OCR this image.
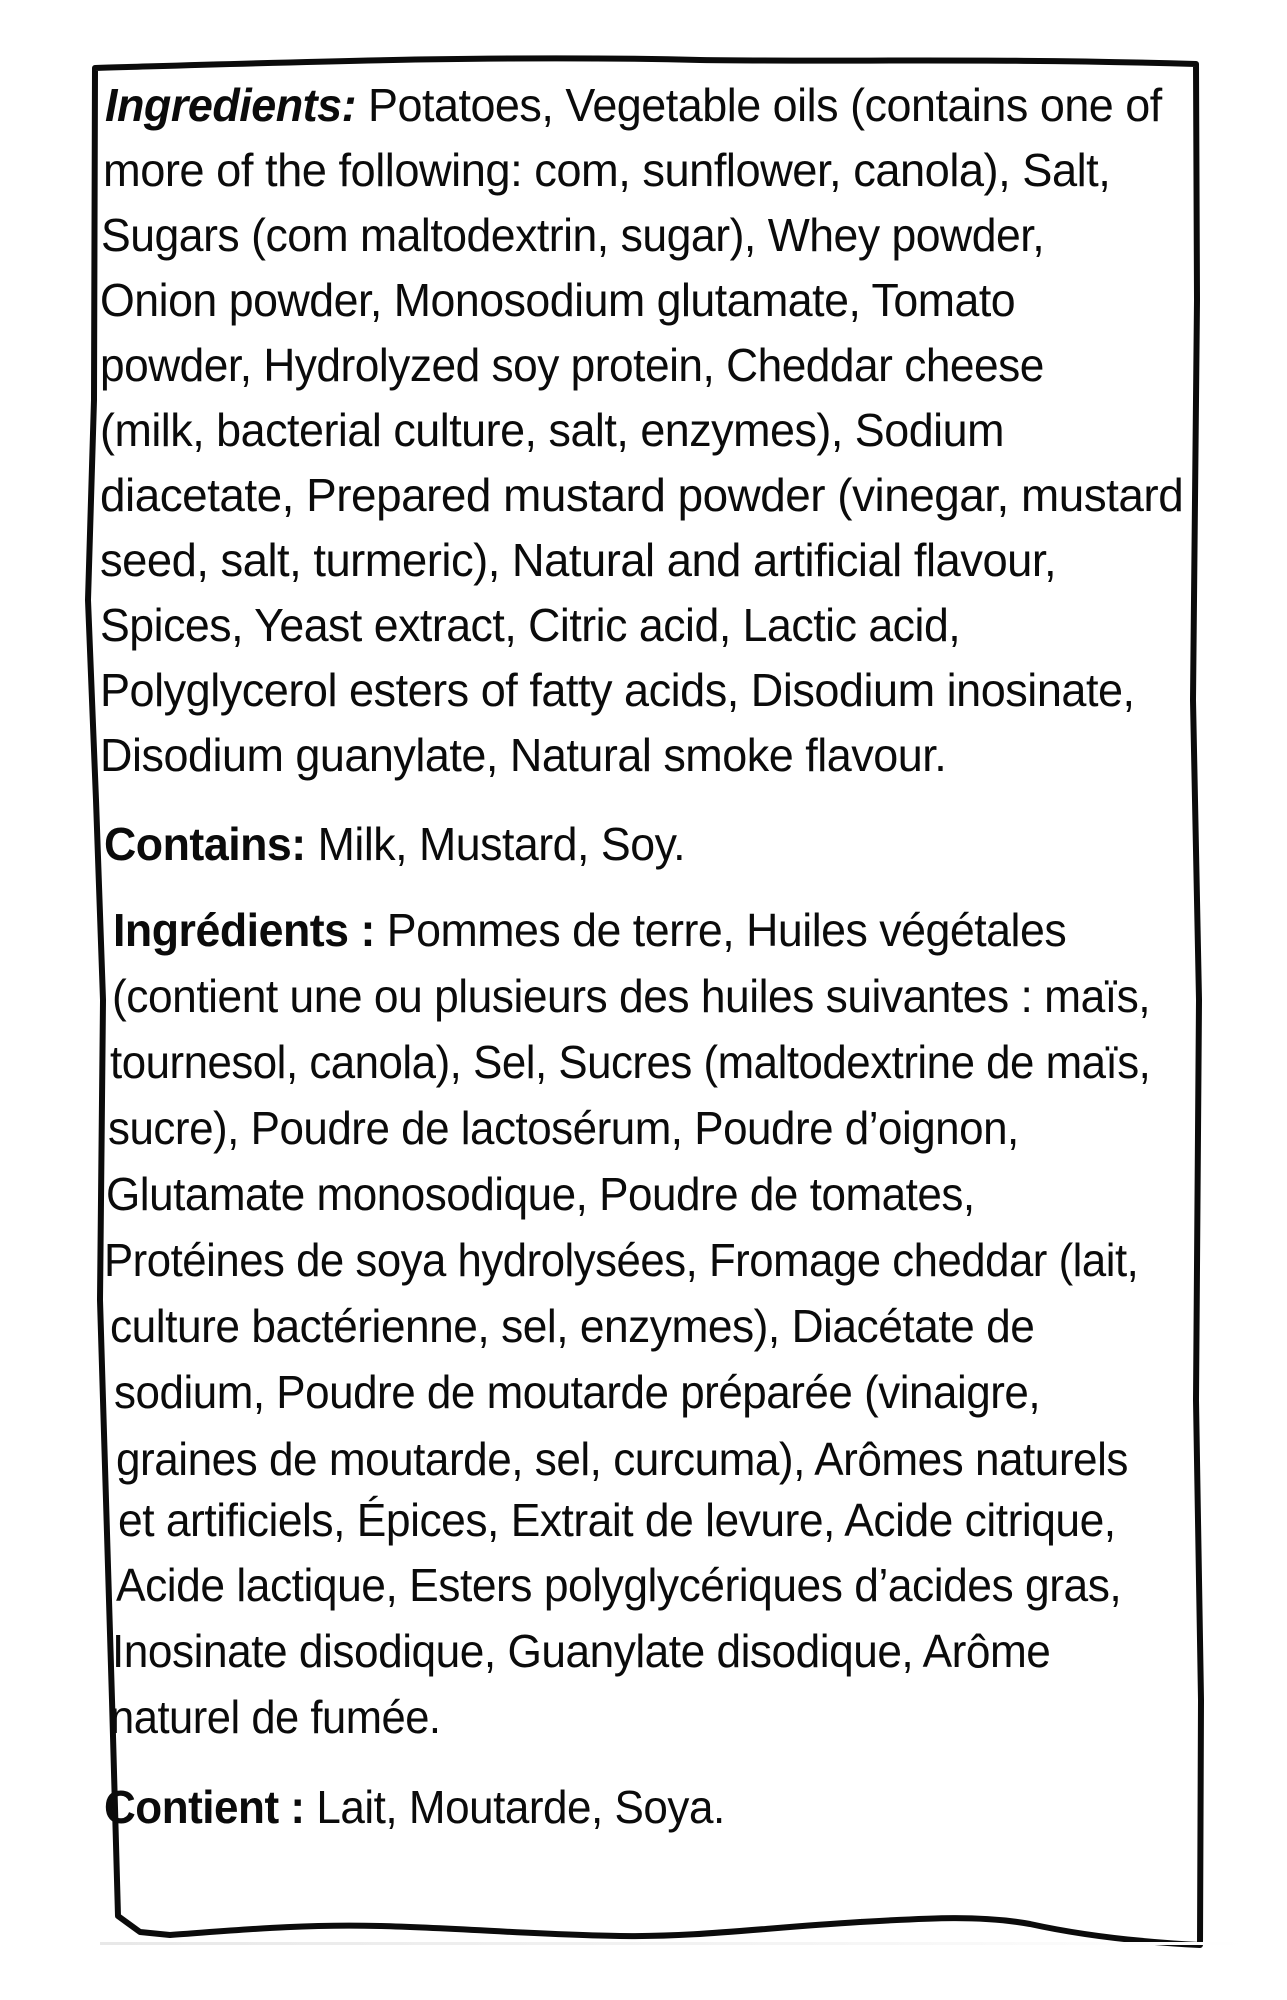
Ingredients: Potatoes, Vegetable oils (contains one of
more of the following: com, sunflower, canola), Salt,
Sugars (com maltodextrin, sugar), Whey powder,
Onion powder, Monosodium glutamate, Tomato
powder, Hydrolyzed soy protein, Cheddar cheese
(milk, bacterial culture, salt, enzymes), Sodium
diacetate, Prepared mustard powder (vinegar, mustard
seed, salt, turmeric), Natural and artificial flavour,
Spices, Yeast extract, Citric acid, Lactic acid,
Polyglycerol esters of fatty acids, Disodium inosinate,
Disodium guanylate, Natural smoke flavour.
Contains: Milk, Mustard, Soy.
Ingrédients : Pommes de terre, Huiles végétales
(contient une ou plusieurs des huiles suivantes : maïs,
tournesol, canola), Sel, Sucres (maltodextrine de maïs,
sucre), Poudre de lactosérum, Poudre d’oignon,
Glutamate monosodique, Poudre de tomates,
Protéines de soya hydrolysées, Fromage cheddar (lait,
culture bactérienne, sel, enzymes), Diacétate de
sodium, Poudre de moutarde préparée (vinaigre,
graines de moutarde, sel, curcuma), Arômes naturels
et artificiels, Épices, Extrait de levure, Acide citrique,
Acide lactique, Esters polyglycériques d’acides gras,
Inosinate disodique, Guanylate disodique, Arôme
naturel de fumée.
Contient : Lait, Moutarde, Soya.
